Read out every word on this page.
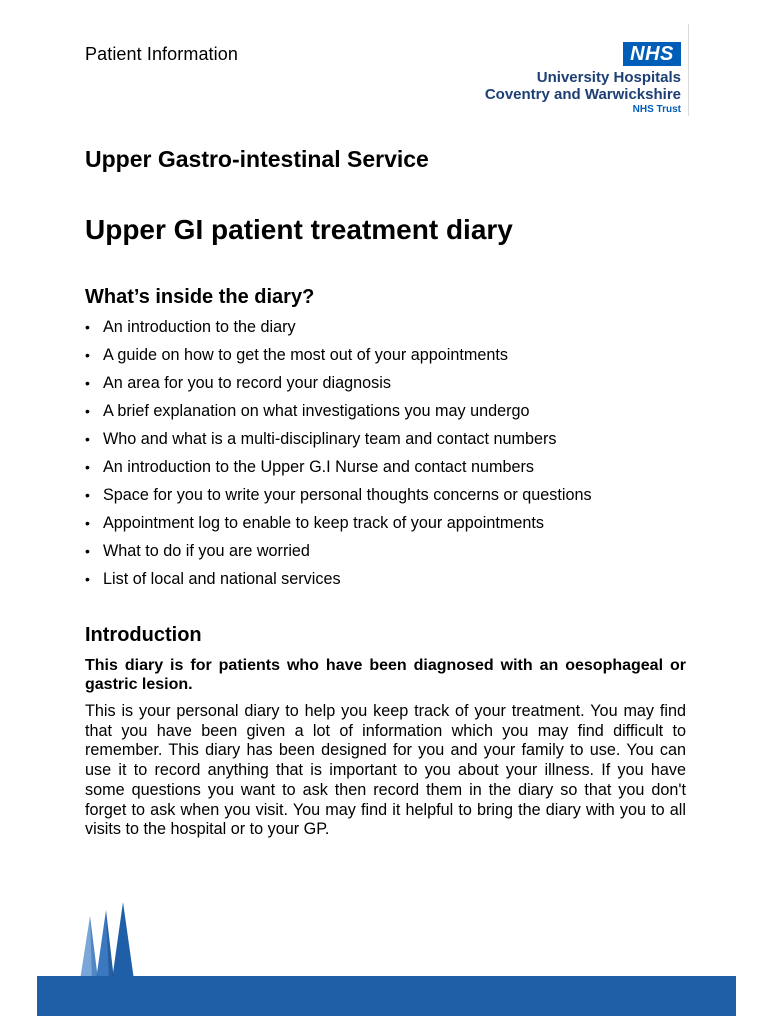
Patient Information	NHS
University Hospitals
Coventry and Warwickshire
NHS Trust
Upper Gastro-intestinal Service
Upper GI patient treatment diary
What’s inside the diary?
• An introduction to the diary
• A guide on how to get the most out of your appointments
• An area for you to record your diagnosis
• A brief explanation on what investigations you may undergo
• Who and what is a multi-disciplinary team and contact numbers
• An introduction to the Upper G.I Nurse and contact numbers
• Space for you to write your personal thoughts concerns or questions
• Appointment log to enable to keep track of your appointments
• What to do if you are worried
• List of local and national services
Introduction

This diary is for patients who have been diagnosed with an oesophageal or gastric lesion.

This is your personal diary to help you keep track of your treatment. You may find that you have been given a lot of information which you may find difficult to remember. This diary has been designed for you and your family to use. You can use it to record anything that is important to you about your illness. If you have some questions you want to ask then record them in the diary so that you don't forget to ask when you visit. You may find it helpful to bring the diary with you to all visits to the hospital or to your GP.
